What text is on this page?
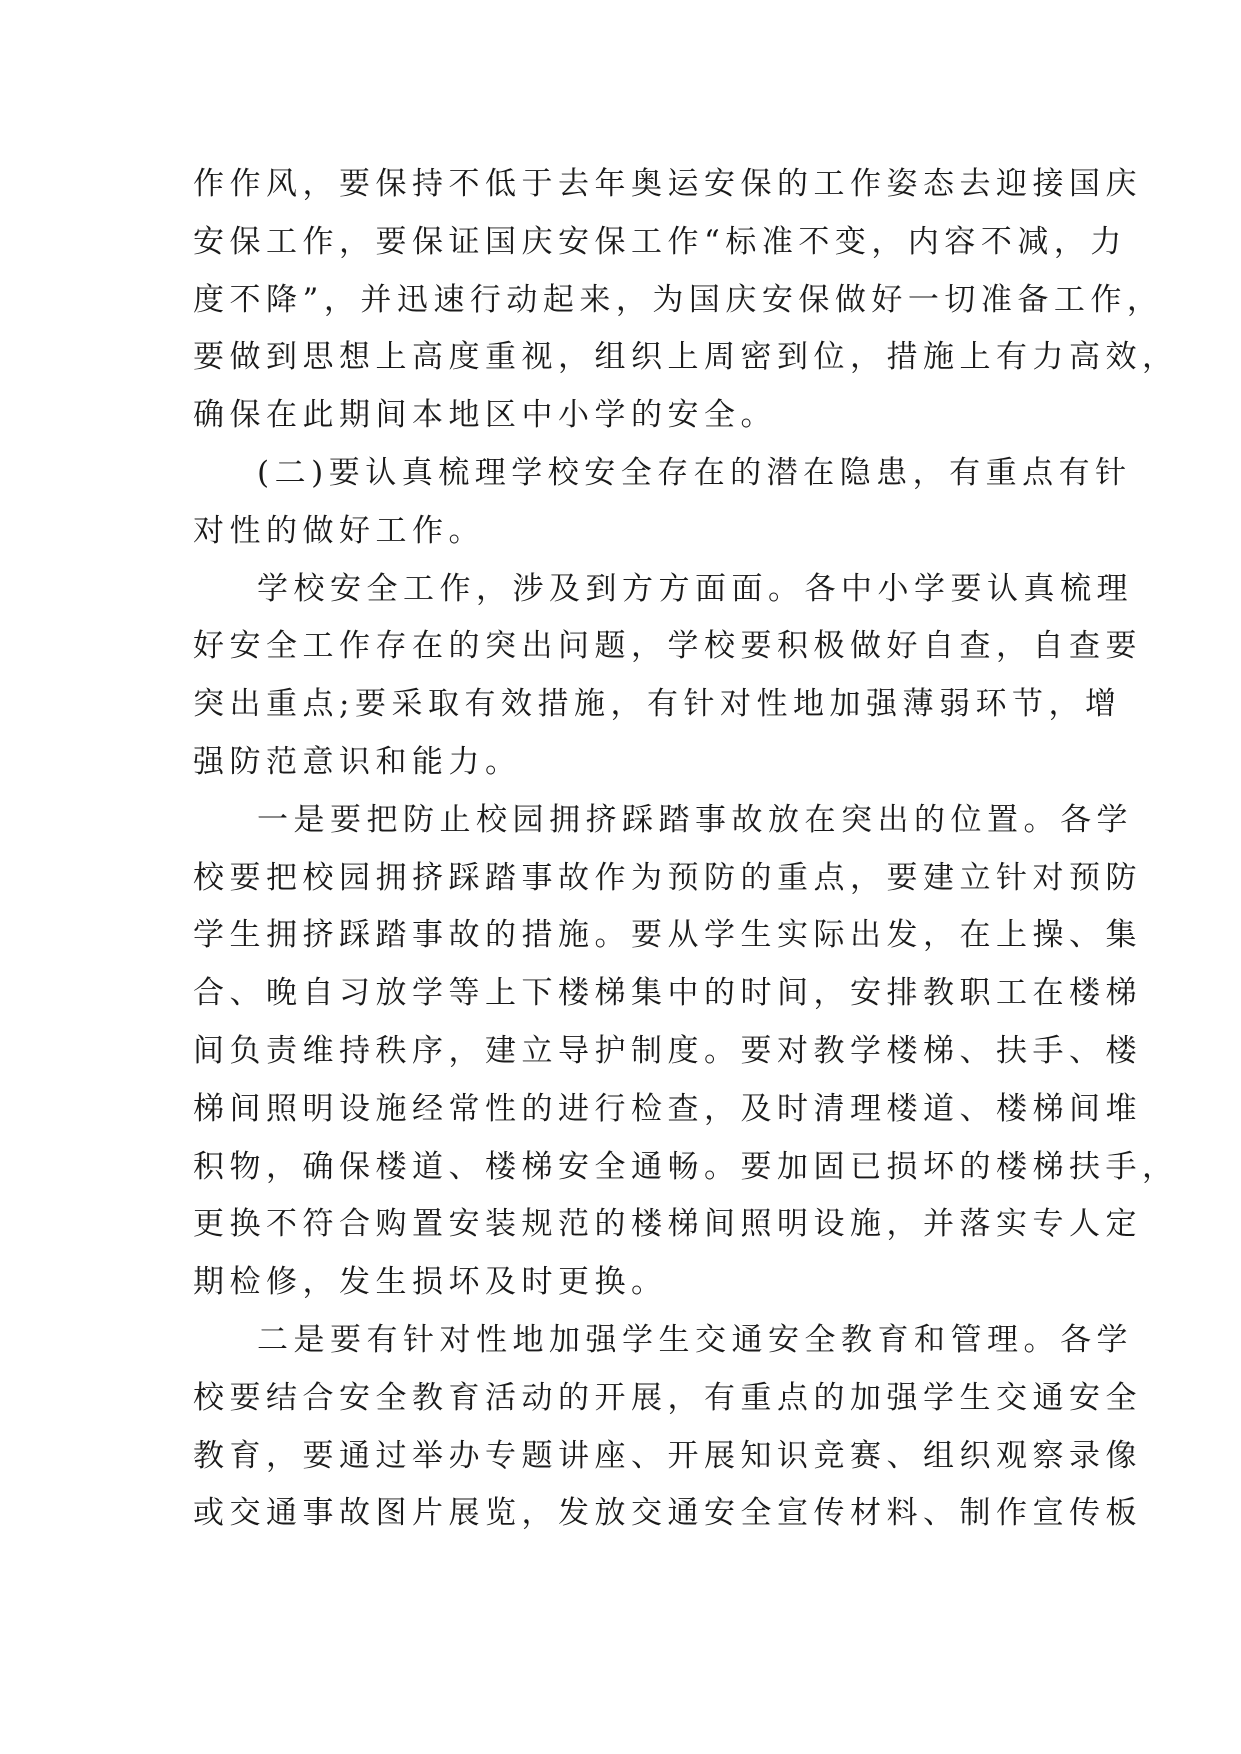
作作风，要保持不低于去年奥运安保的工作姿态去迎接国庆
安保工作，要保证国庆安保工作“标准不变，内容不减，力
度不降”，并迅速行动起来，为国庆安保做好一切准备工作，
要做到思想上高度重视，组织上周密到位，措施上有力高效，
确保在此期间本地区中小学的安全。
(二)要认真梳理学校安全存在的潜在隐患，有重点有针
对性的做好工作。
学校安全工作，涉及到方方面面。各中小学要认真梳理
好安全工作存在的突出问题，学校要积极做好自查，自查要
突出重点;要采取有效措施，有针对性地加强薄弱环节，增
强防范意识和能力。
一是要把防止校园拥挤踩踏事故放在突出的位置。各学
校要把校园拥挤踩踏事故作为预防的重点，要建立针对预防
学生拥挤踩踏事故的措施。要从学生实际出发，在上操、集
合、晚自习放学等上下楼梯集中的时间，安排教职工在楼梯
间负责维持秩序，建立导护制度。要对教学楼梯、扶手、楼
梯间照明设施经常性的进行检查，及时清理楼道、楼梯间堆
积物，确保楼道、楼梯安全通畅。要加固已损坏的楼梯扶手，
更换不符合购置安装规范的楼梯间照明设施，并落实专人定
期检修，发生损坏及时更换。
二是要有针对性地加强学生交通安全教育和管理。各学
校要结合安全教育活动的开展，有重点的加强学生交通安全
教育，要通过举办专题讲座、开展知识竞赛、组织观察录像
或交通事故图片展览，发放交通安全宣传材料、制作宣传板
